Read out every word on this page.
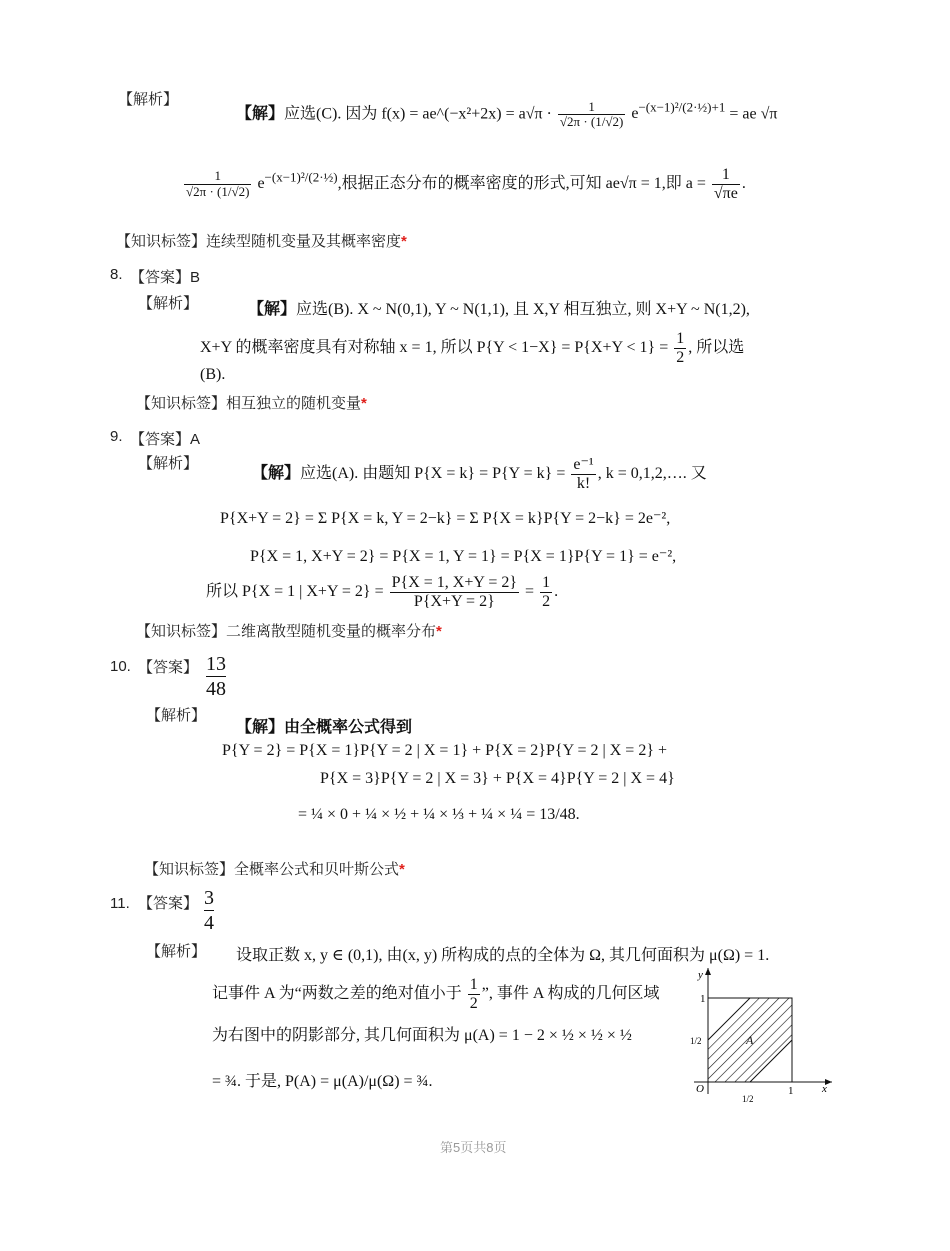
【解析】
【解】应选(C). 因为 f(x) = ae^(−x²+2x) = $a√\pi \cdot \frac{1}{√2\pi \cdot (1/√2)} e^{-(x-1)^2/(2\cdot\frac{1}{2})+1}$ = ae √π
$\frac{1}{√2\pi \cdot (1/√2)} e^{-(x-1)^2/(2\cdot\frac{1}{2})}$,根据正态分布的概率密度的形式,可知 ae√π = 1,即 $a = \frac{1}{√\pi e}$ .
【知识标签】连续型随机变量及其概率密度*
8. 【答案】B
【解析】	【解】应选(B). X ~ N(0,1), Y ~ N(1,1), 且 X,Y 相互独立, 则 X+Y ~ N(1,2),
X+Y 的概率密度具有对称轴 x = 1, 所以 $P\{Y < 1-X\} = P\{X+Y < 1\} = \frac{1}{2}$ , 所以选
(B).
【知识标签】相互独立的随机变量*
9. 【答案】A
【解析】
【解】应选(A). 由题知 $P\{X = k\} = P\{Y = k\} = \frac{\text{e⁻¹}}{k!}$ , k = 0,1,2,…. 又
P{X+Y = 2} = Σ P{X = k, Y = 2−k} = Σ P{X = k}P{Y = 2−k} = 2e⁻²,
P{X = 1, X+Y = 2} = P{X = 1, Y = 1} = P{X = 1}P{Y = 1} = e⁻²,
所以 P{X = 1 | $X+Y = 2\} = \frac{P\{X = 1, X+Y = 2\}}{P\{X+Y = 2\}} = \frac{1}{2}$ .
【知识标签】二维离散型随机变量的概率分布*
10. 【答案】 $\frac{13}{48}$
【解析】
【解】由全概率公式得到
P{Y = 2} = P{X = 1}P{Y = 2 | X = 1} + P{X = 2}P{Y = 2 | X = 2} +
P{X = 3}P{Y = 2 | X = 3} + P{X = 4}P{Y = 2 | X = 4}
= ¼ × 0 + ¼ × ½ + ¼ × ⅓ + ¼ × ¼ = 13/48.
【知识标签】全概率公式和贝叶斯公式*
11. 【答案】 $\frac{3}{4}$
【解析】 设取正数 x, y ∈ (0,1), 由(x, y) 所构成的点的全体为 Ω, 其几何面积为 μ(Ω) = 1.
记事件 A 为“两数之差的绝对值小于 $\frac{1}{2}$ ”, 事件 A 构成的几何区域
为右图中的阴影部分, 其几何面积为 μ(A) = 1 − 2 × ½ × ½ × ½
= ¾. 于是, P(A) = μ(A)/μ(Ω) = ¾.
y
x
O
1
1
1/2
1/2
A
第5页共8页
